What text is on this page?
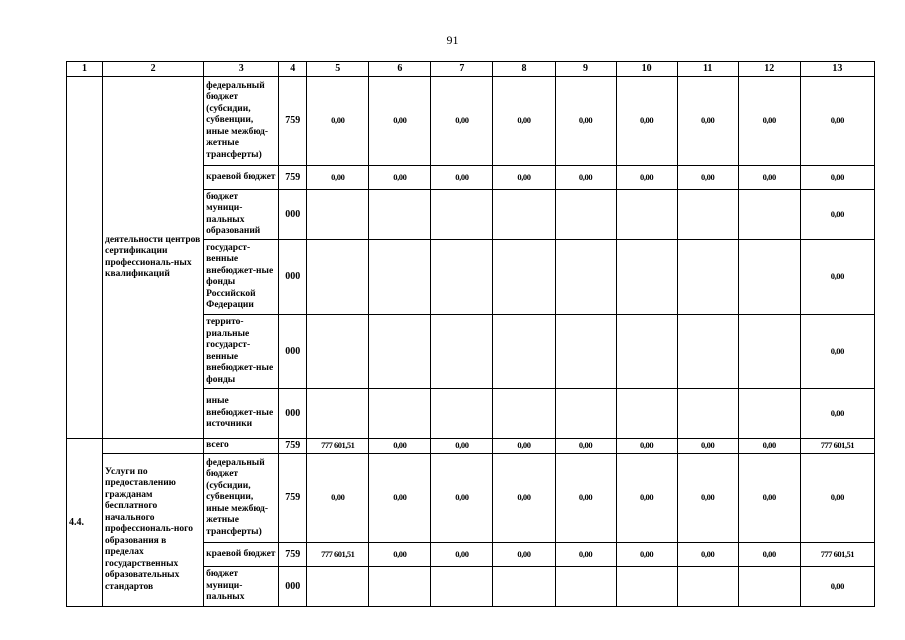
91
1	2	3	4	5	6	7	8	9	10	11	12	13
	деятельности центров сертификации профессиональ-ных квалификаций	федеральный бюджет (субсидии, субвенции, иные межбюд-жетные трансферты)	759	0,00	0,00	0,00	0,00	0,00	0,00	0,00	0,00	0,00
		краевой бюджет	759	0,00	0,00	0,00	0,00	0,00	0,00	0,00	0,00	0,00
		бюджет муници-пальных образований	000									0,00
		государст-венные внебюджет-ные фонды Российской Федерации	000									0,00
		террито-риальные государст-венные внебюджет-ные фонды	000									0,00
		иные внебюджет-ные источники	000									0,00
4.4.		всего	759	777 601,51	0,00	0,00	0,00	0,00	0,00	0,00	0,00	777 601,51
	Услуги по предоставлению гражданам бесплатного начального профессиональ-ного образования в пределах государственных образовательных стандартов	федеральный бюджет (субсидии, субвенции, иные межбюд-жетные трансферты)	759	0,00	0,00	0,00	0,00	0,00	0,00	0,00	0,00	0,00
		краевой бюджет	759	777 601,51	0,00	0,00	0,00	0,00	0,00	0,00	0,00	777 601,51
		бюджет муници-пальных	000									0,00
